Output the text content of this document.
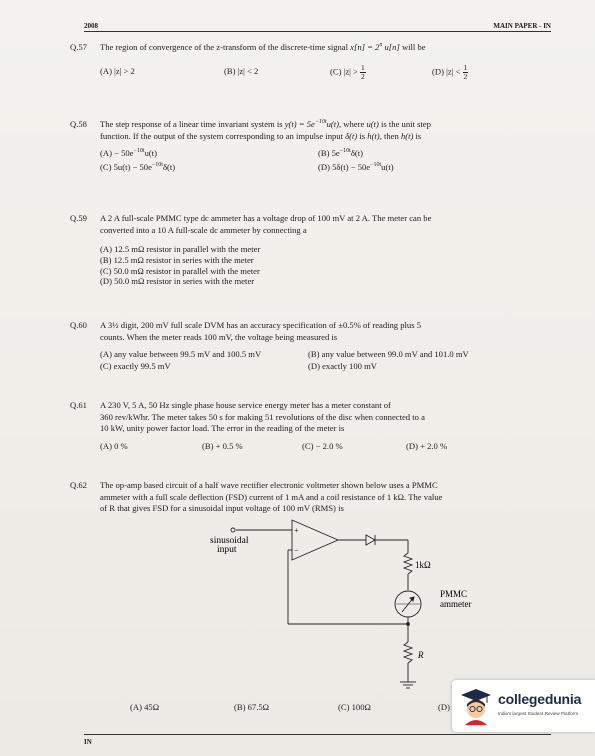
2008	MAIN PAPER - IN
Q.57 The region of convergence of the z-transform of the discrete-time signal $x[n] = 2^n$ u[n] will be
(A) |z| > 2	(B) |z| < 2	(C) $|z| > \frac{1}{2}$	(D) $|z| < \frac{1}{2}$
Q.58 The step response of a linear time invariant system is $y(t) = 5e^{-10t}u(t)$, where u(t) is the unit step
function. If the output of the system corresponding to an impulse input δ(t) is h(t), then h(t) is
$(A) - 50e^{-10t}u(t)$	(B) $5e^{-10t}\delta(t)$
(C) $5u(t) - 50e^{-10t}\delta(t)$	(D) $5\delta(t) - 50e^{-10t}u(t)$
Q.59 A 2 A full-scale PMMC type dc ammeter has a voltage drop of 100 mV at 2 A. The meter can be
converted into a 10 A full-scale dc ammeter by connecting a
(A) 12.5 mΩ resistor in parallel with the meter
(B) 12.5 mΩ resistor in series with the meter
(C) 50.0 mΩ resistor in parallel with the meter
(D) 50.0 mΩ resistor in series with the meter
Q.60 A 3½ digit, 200 mV full scale DVM has an accuracy specification of ±0.5% of reading plus 5
counts. When the meter reads 100 mV, the voltage being measured is
(A) any value between 99.5 mV and 100.5 mV	(B) any value between 99.0 mV and 101.0 mV
(C) exactly 99.5 mV	(D) exactly 100 mV
Q.61 A 230 V, 5 A, 50 Hz single phase house service energy meter has a meter constant of
360 rev/kWhr. The meter takes 50 s for making 51 revolutions of the disc when connected to a
10 kW, unity power factor load. The error in the reading of the meter is
(A) 0 %	(B) + 0.5 %	(C) − 2.0 %	(D) + 2.0 %
Q.62 The op-amp based circuit of a half wave rectifier electronic voltmeter shown below uses a PMMC
ammeter with a full scale deflection (FSD) current of 1 mA and a coil resistance of 1 kΩ. The value
of R that gives FSD for a sinusoidal input voltage of 100 mV (RMS) is
−
+
sinusoidal
input
1kΩ
PMMC
ammeter
R
(A) 45Ω	(B) 67.5Ω	(C) 100Ω	(D)
IN
collegedunia
India's largest Student Review Platform
